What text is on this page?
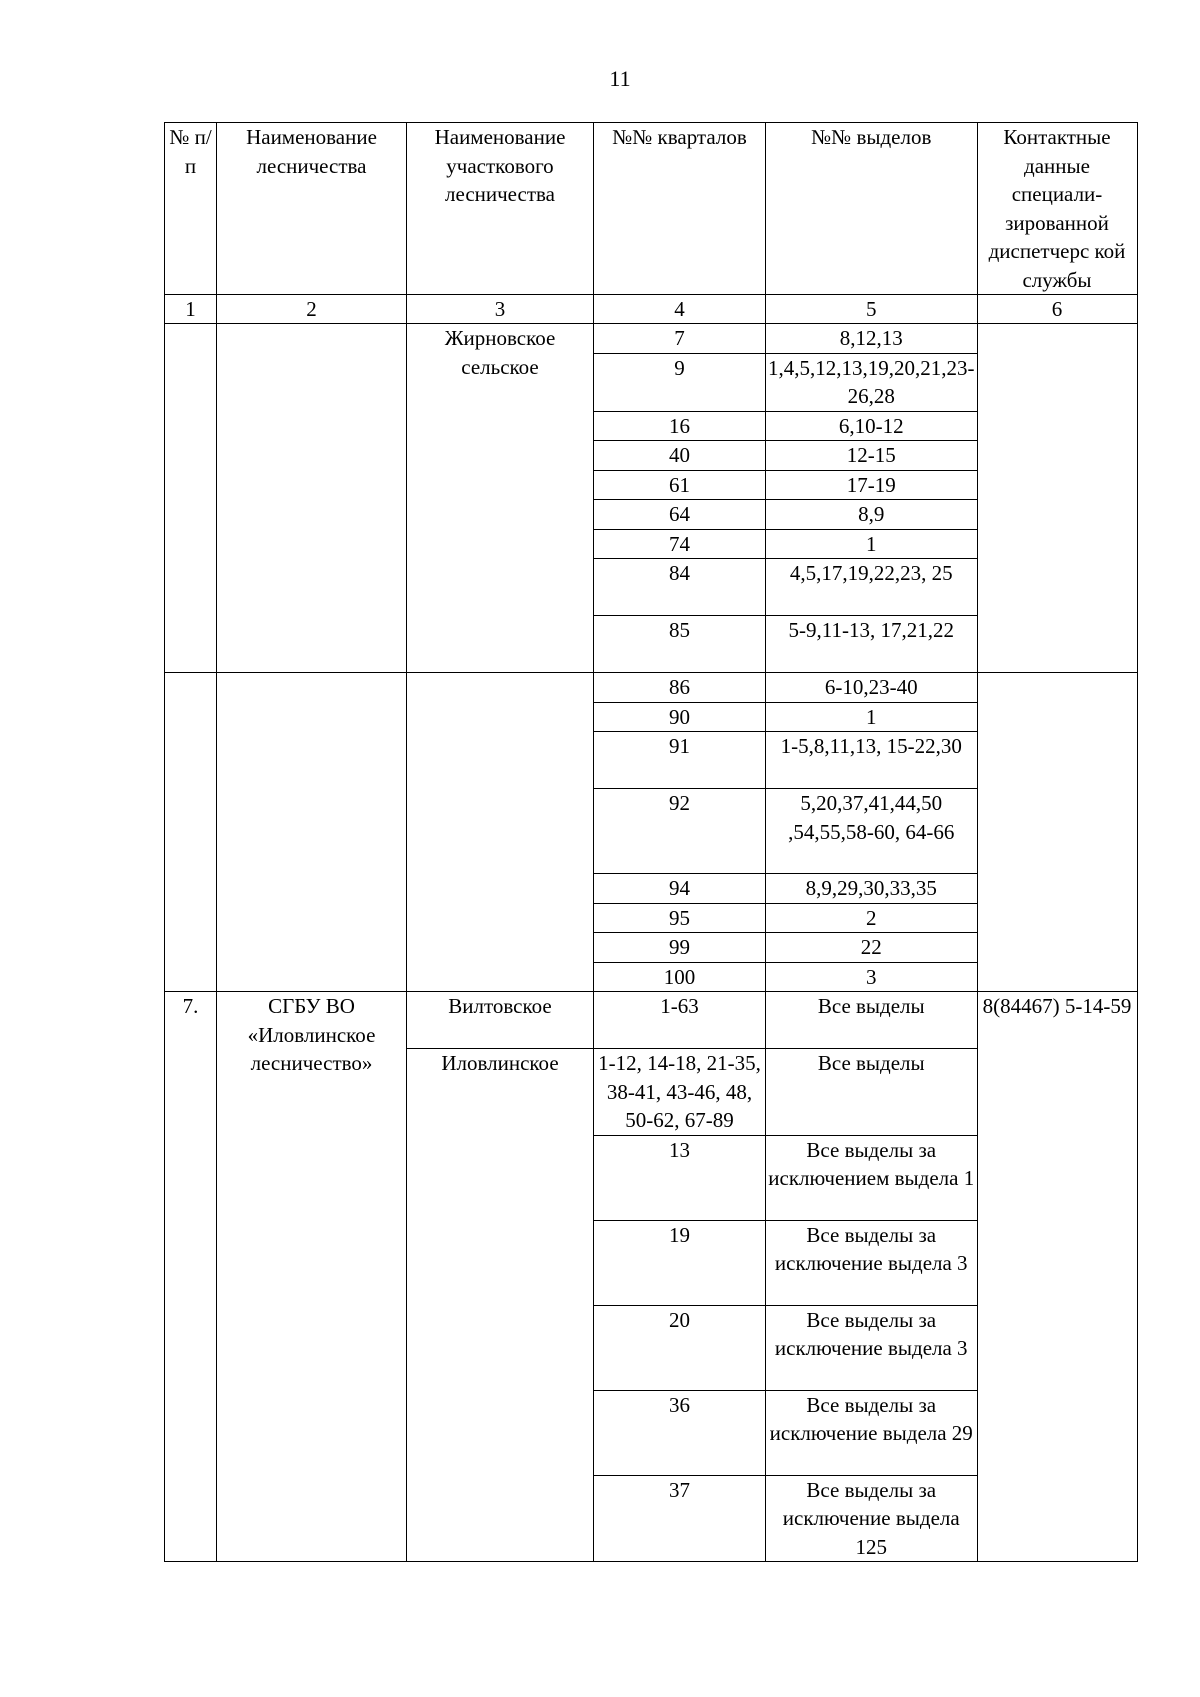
11
№ п/п	Наименование лесничества	Наименование участкового лесничества	№№ кварталов	№№ выделов	Контактные данные специали-зированной диспетчерс кой службы
1	2	3	4	5	6
		Жирновское сельское	7	8,12,13	
			9	1,4,5,12,13,19,20,21,23-26,28	
			16	6,10-12	
			40	12-15	
			61	17-19	
			64	8,9	
			74	1	
			84	4,5,17,19,22,23, 25	
			85	5-9,11-13, 17,21,22	
			86	6-10,23-40	
			90	1	
			91	1-5,8,11,13, 15-22,30	
			92	5,20,37,41,44,50 ,54,55,58-60, 64-66	
			94	8,9,29,30,33,35	
			95	2	
			99	22	
			100	3	
7.	СГБУ ВО «Иловлинское лесничество»	Вилтовское	1-63	Все выделы	8(84467) 5-14-59
		Иловлинское	1-12, 14-18, 21-35, 38-41, 43-46, 48, 50-62, 67-89	Все выделы	
			13	Все выделы за исключением выдела 1	
			19	Все выделы за исключение выдела 3	
			20	Все выделы за исключение выдела 3	
			36	Все выделы за исключение выдела 29	
			37	Все выделы за исключение выдела 125	
